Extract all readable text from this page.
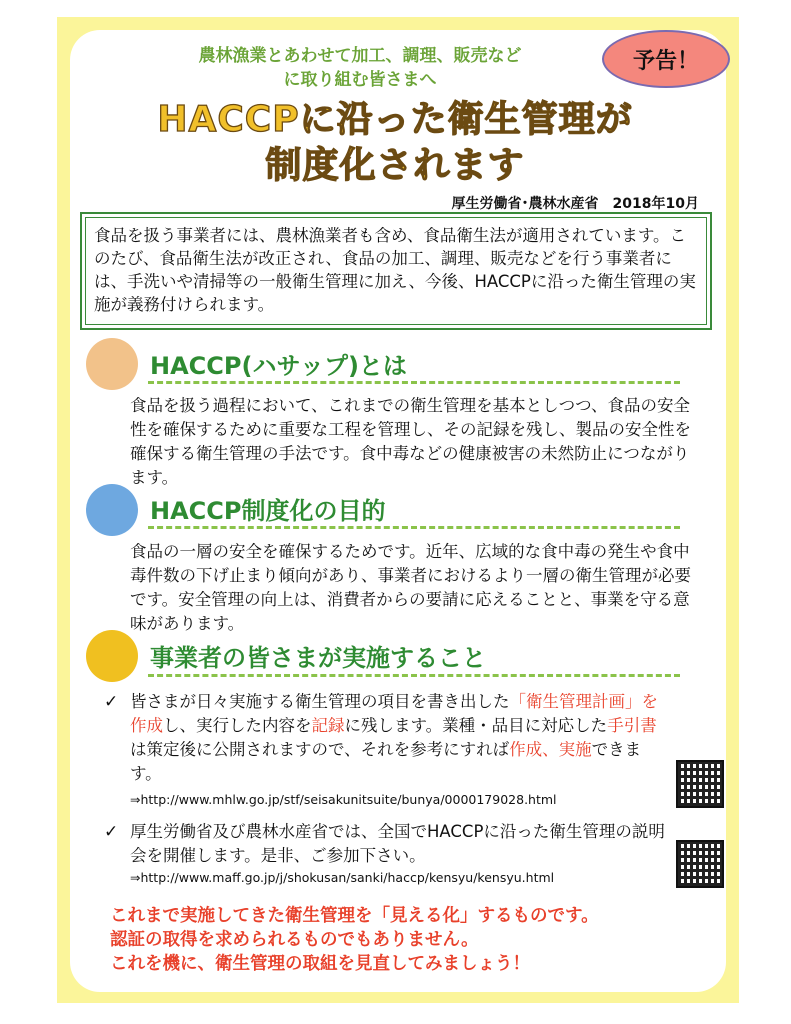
農林漁業とあわせて加工、調理、販売など
に取り組む皆さまへ
予告！
HACCPに沿った衛生管理が
制度化されます
厚生労働省･農林水産省　2018年10月
食品を扱う事業者には、農林漁業者も含め、食品衛生法が適用されています。このたび、食品衛生法が改正され、食品の加工、調理、販売などを行う事業者には、手洗いや清掃等の一般衛生管理に加え、今後、HACCPに沿った衛生管理の実施が義務付けられます。
HACCP(ハサップ)とは
食品を扱う過程において、これまでの衛生管理を基本としつつ、食品の安全性を確保するために重要な工程を管理し、その記録を残し、製品の安全性を確保する衛生管理の手法です。食中毒などの健康被害の未然防止につながります。
HACCP制度化の目的
食品の一層の安全を確保するためです。近年、広域的な食中毒の発生や食中毒件数の下げ止まり傾向があり、事業者におけるより一層の衛生管理が必要です。安全管理の向上は、消費者からの要請に応えることと、事業を守る意味があります。
事業者の皆さまが実施すること
✓ 皆さまが日々実施する衛生管理の項目を書き出した「衛生管理計画」を作成し、実行した内容を記録に残します。業種・品目に対応した手引書は策定後に公開されますので、それを参考にすれば作成、実施できます。
⇒http://www.mhlw.go.jp/stf/seisakunitsuite/bunya/0000179028.html
✓ 厚生労働省及び農林水産省では、全国でHACCPに沿った衛生管理の説明会を開催します。是非、ご参加下さい。
⇒http://www.maff.go.jp/j/shokusan/sanki/haccp/kensyu/kensyu.html
これまで実施してきた衛生管理を「見える化」するものです。
認証の取得を求められるものでもありません。
これを機に、衛生管理の取組を見直してみましょう！
